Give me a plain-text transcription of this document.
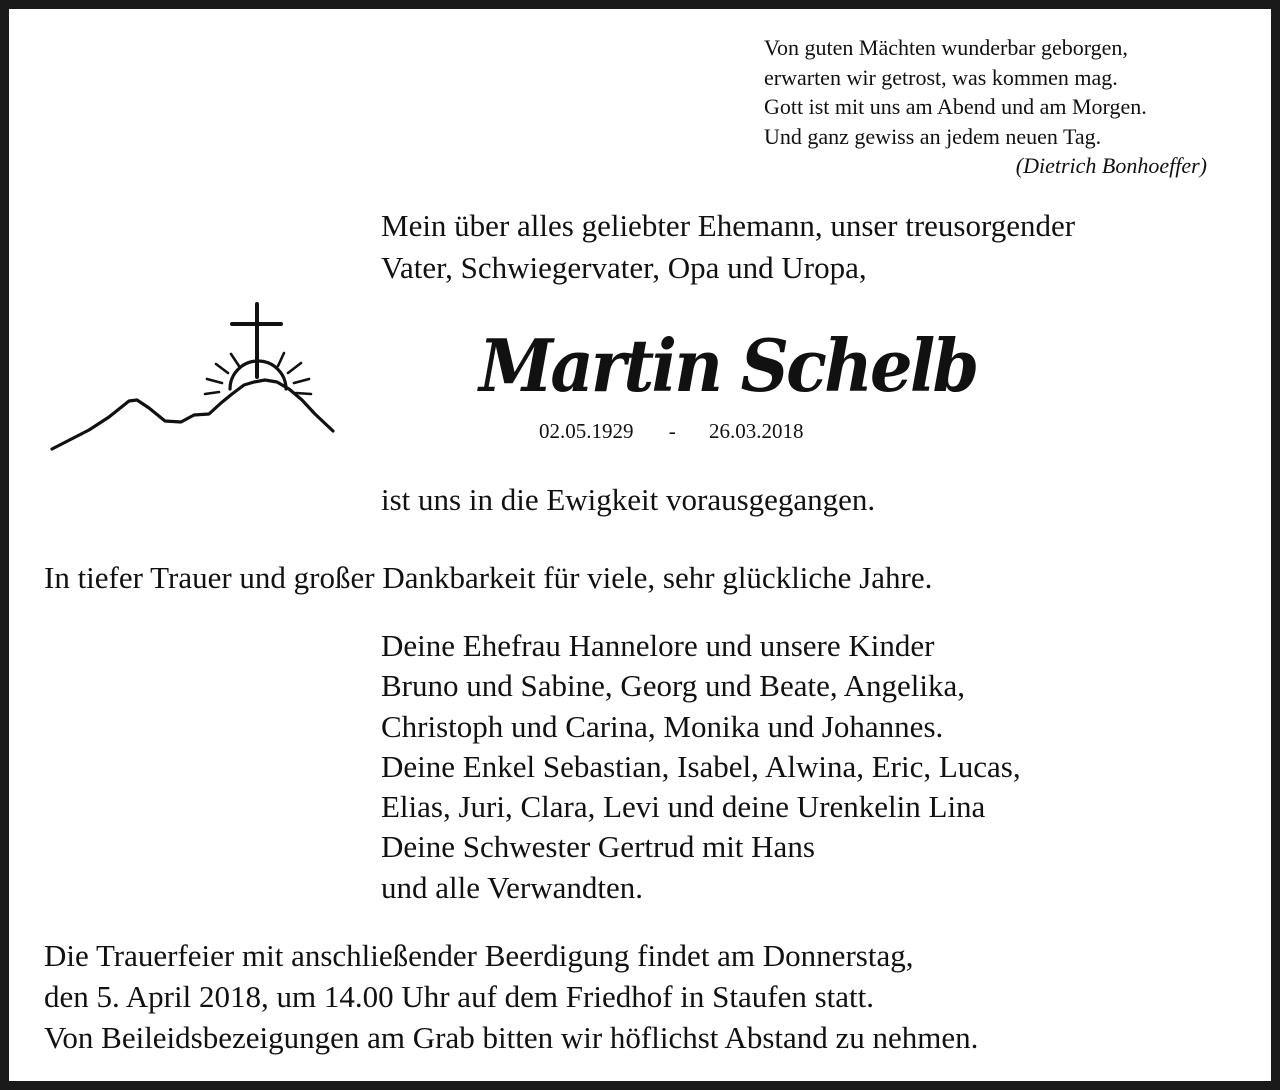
Von guten Mächten wunderbar geborgen,
erwarten wir getrost, was kommen mag.
Gott ist mit uns am Abend und am Morgen.
Und ganz gewiss an jedem neuen Tag.
(Dietrich Bonhoeffer)
Mein über alles geliebter Ehemann, unser treusorgender
Vater, Schwiegervater, Opa und Uropa,
Martin Schelb
02.05.1929 - 26.03.2018
ist uns in die Ewigkeit vorausgegangen.
In tiefer Trauer und großer Dankbarkeit für viele, sehr glückliche Jahre.
Deine Ehefrau Hannelore und unsere Kinder
Bruno und Sabine, Georg und Beate, Angelika,
Christoph und Carina, Monika und Johannes.
Deine Enkel Sebastian, Isabel, Alwina, Eric, Lucas,
Elias, Juri, Clara, Levi und deine Urenkelin Lina
Deine Schwester Gertrud mit Hans
und alle Verwandten.
Die Trauerfeier mit anschließender Beerdigung findet am Donnerstag,
den 5. April 2018, um 14.00 Uhr auf dem Friedhof in Staufen statt.
Von Beileidsbezeigungen am Grab bitten wir höflichst Abstand zu nehmen.
